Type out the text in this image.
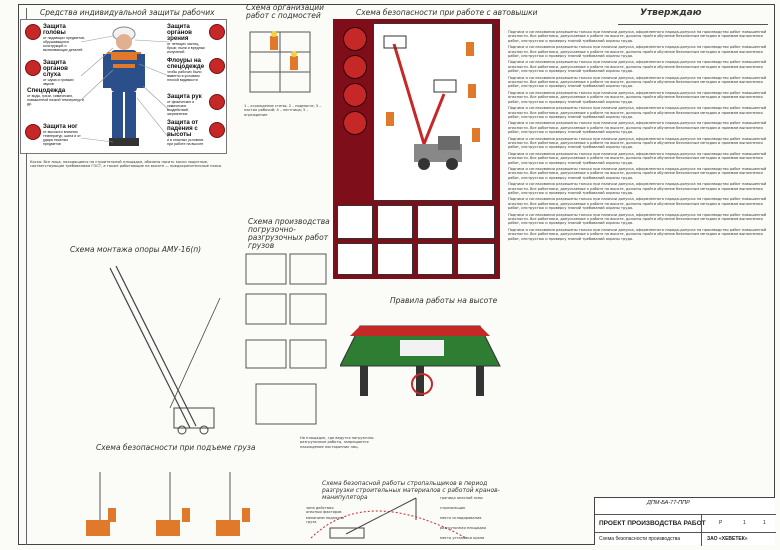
Средства индивидуальной защиты рабочих
Защита головы
от падающих предметов, обрушающихся конструкций и вытягивающих деталей
Защита органов слуха
от шума и громких звуков
Спецодежда
от воды, грязи, химических, повышенной низкой температур и др.
Защита ног
от высокого влияния температур, шипа и от удара тяжелых предметов
Защита органов зрения
от летящих частиц, брызг, пыли и вредных излучений
Флоуры на спецодежде
чтобы рабочих было заметно в условиях плохой видимости
Защита рук
от физических и химических воздействий, загрязнения
Защита от падения с высоты
и в опасных условиях при работе на высоте
Каска: Все лица, находящиеся на строительной площадке, обязаны носить каски защитные, соответствующие требованиям ГОСТ, а также работающие на высоте — предохранительные пояса.
Схема организации работ с подмостей
1 – ограждение стены; 2 – подмости; 3 – настил рабочий; 4 – лестница; 5 – ограждение
Схема безопасности при работе с автовышки	Утверждаю
Подписи и согласования разрешены только при наличии допуска, оформленного наряда-допуска на производство работ повышенной опасности. Все работники, допускаемые к работе на высоте, должны пройти обучение безопасным методам и приемам выполнения работ, инструктаж и проверку знаний требований охраны труда.
Подписи и согласования разрешены только при наличии допуска, оформленного наряда-допуска на производство работ повышенной опасности. Все работники, допускаемые к работе на высоте, должны пройти обучение безопасным методам и приемам выполнения работ, инструктаж и проверку знаний требований охраны труда.
Подписи и согласования разрешены только при наличии допуска, оформленного наряда-допуска на производство работ повышенной опасности. Все работники, допускаемые к работе на высоте, должны пройти обучение безопасным методам и приемам выполнения работ, инструктаж и проверку знаний требований охраны труда.
Подписи и согласования разрешены только при наличии допуска, оформленного наряда-допуска на производство работ повышенной опасности. Все работники, допускаемые к работе на высоте, должны пройти обучение безопасным методам и приемам выполнения работ, инструктаж и проверку знаний требований охраны труда.
Подписи и согласования разрешены только при наличии допуска, оформленного наряда-допуска на производство работ повышенной опасности. Все работники, допускаемые к работе на высоте, должны пройти обучение безопасным методам и приемам выполнения работ, инструктаж и проверку знаний требований охраны труда.
Подписи и согласования разрешены только при наличии допуска, оформленного наряда-допуска на производство работ повышенной опасности. Все работники, допускаемые к работе на высоте, должны пройти обучение безопасным методам и приемам выполнения работ, инструктаж и проверку знаний требований охраны труда.
Подписи и согласования разрешены только при наличии допуска, оформленного наряда-допуска на производство работ повышенной опасности. Все работники, допускаемые к работе на высоте, должны пройти обучение безопасным методам и приемам выполнения работ, инструктаж и проверку знаний требований охраны труда.
Подписи и согласования разрешены только при наличии допуска, оформленного наряда-допуска на производство работ повышенной опасности. Все работники, допускаемые к работе на высоте, должны пройти обучение безопасным методам и приемам выполнения работ, инструктаж и проверку знаний требований охраны труда.
Подписи и согласования разрешены только при наличии допуска, оформленного наряда-допуска на производство работ повышенной опасности. Все работники, допускаемые к работе на высоте, должны пройти обучение безопасным методам и приемам выполнения работ, инструктаж и проверку знаний требований охраны труда.
Подписи и согласования разрешены только при наличии допуска, оформленного наряда-допуска на производство работ повышенной опасности. Все работники, допускаемые к работе на высоте, должны пройти обучение безопасным методам и приемам выполнения работ, инструктаж и проверку знаний требований охраны труда.
Подписи и согласования разрешены только при наличии допуска, оформленного наряда-допуска на производство работ повышенной опасности. Все работники, допускаемые к работе на высоте, должны пройти обучение безопасным методам и приемам выполнения работ, инструктаж и проверку знаний требований охраны труда.
Подписи и согласования разрешены только при наличии допуска, оформленного наряда-допуска на производство работ повышенной опасности. Все работники, допускаемые к работе на высоте, должны пройти обучение безопасным методам и приемам выполнения работ, инструктаж и проверку знаний требований охраны труда.
Подписи и согласования разрешены только при наличии допуска, оформленного наряда-допуска на производство работ повышенной опасности. Все работники, допускаемые к работе на высоте, должны пройти обучение безопасным методам и приемам выполнения работ, инструктаж и проверку знаний требований охраны труда.
Подписи и согласования разрешены только при наличии допуска, оформленного наряда-допуска на производство работ повышенной опасности. Все работники, допускаемые к работе на высоте, должны пройти обучение безопасным методам и приемам выполнения работ, инструктаж и проверку знаний требований охраны труда.
Схема монтажа опоры АМУ-16(п)
Схема производства погрузочно-разгрузочных работ грузов
На площадке, где ведутся погрузочно-разгрузочные работы, запрещается нахождение посторонних лиц.
Правила работы на высоте
Схема безопасности при подъеме груза
Схема безопасной работы стропальщиков в период разгрузки строительных материалов с работой кранов-манипулятора
зона действия опасных факторов
механизм поднятия груза
граница опасной зоны
стропальщик
место складирования
разгрузочная площадка
место установки крана
ДПМ-БА-77-ППР
ПРОЕКТ ПРОИЗВОДСТВА РАБОТ	Р	1	1
Схема безопасности производства	ЗАО «ХЕВЕТЕК»
